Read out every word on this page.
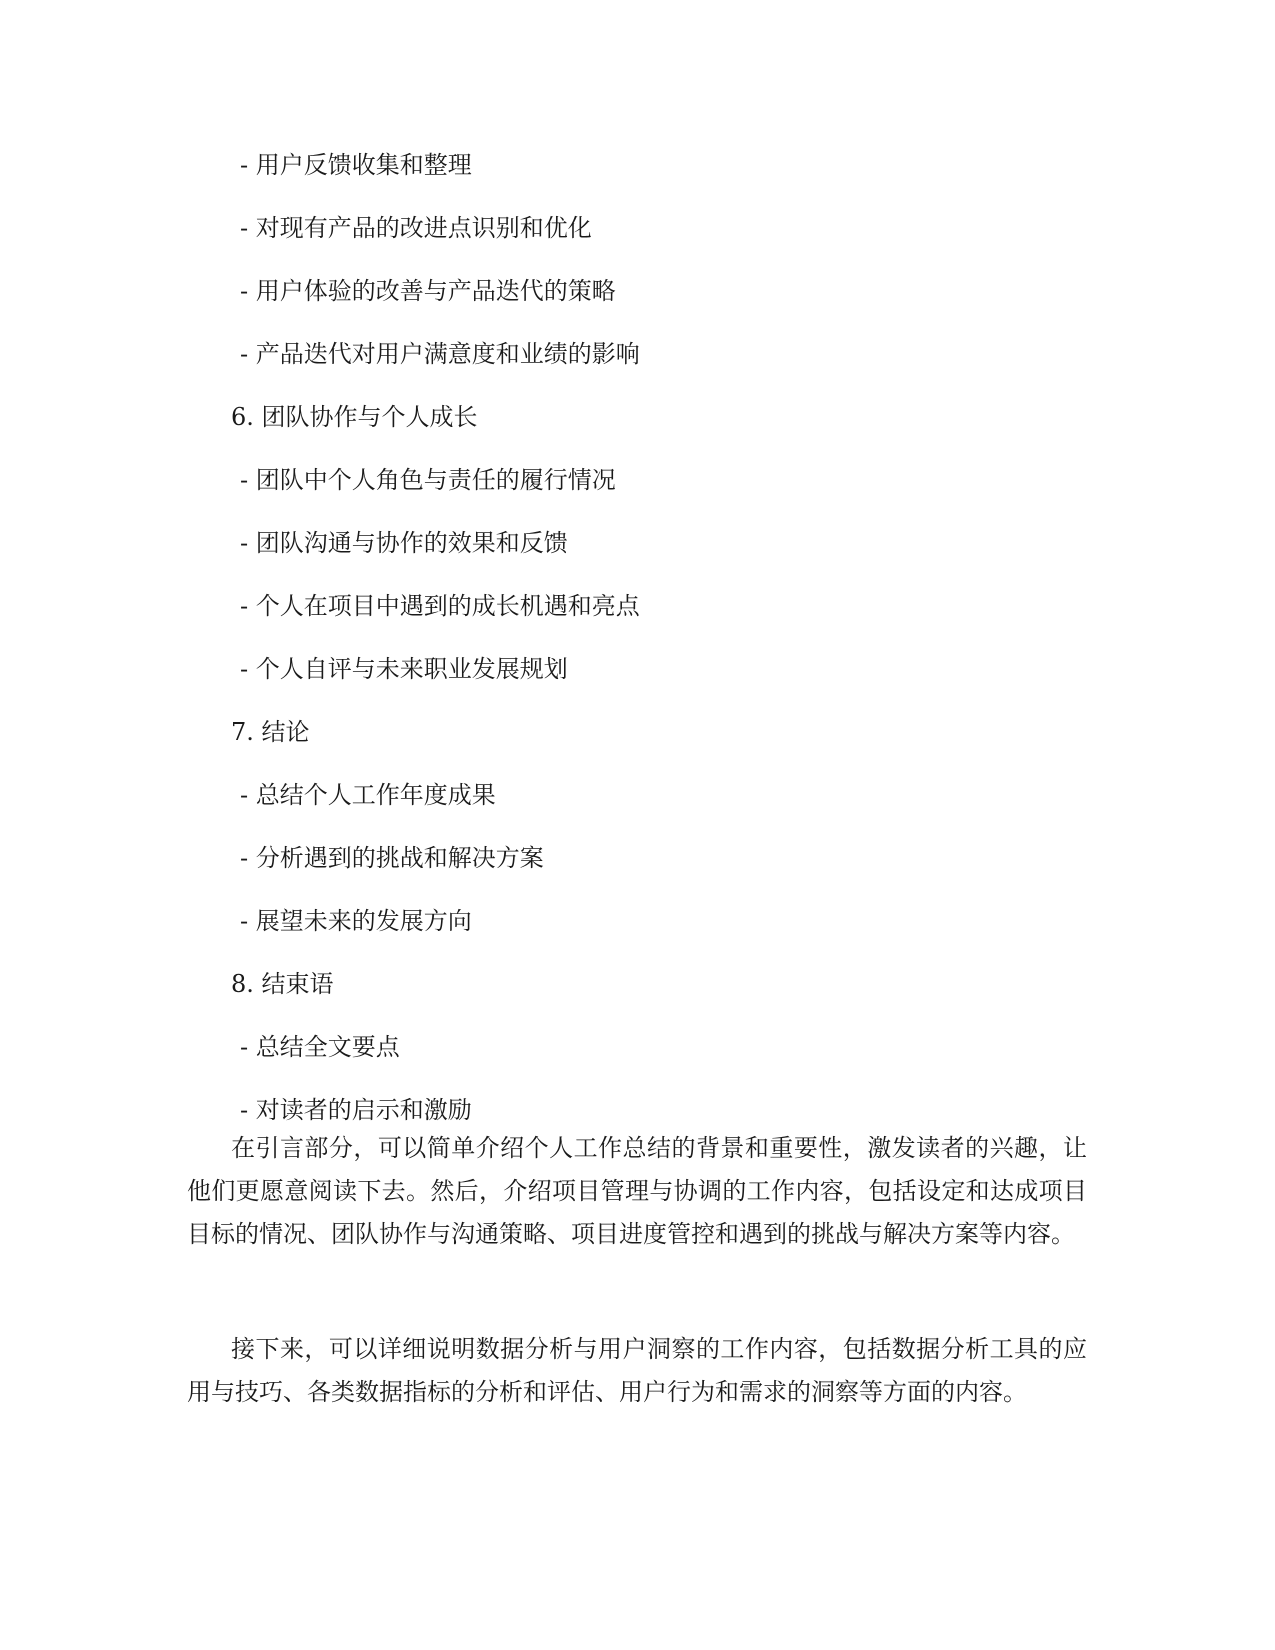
- 用户反馈收集和整理
- 对现有产品的改进点识别和优化
- 用户体验的改善与产品迭代的策略
- 产品迭代对用户满意度和业绩的影响
6. 团队协作与个人成长
- 团队中个人角色与责任的履行情况
- 团队沟通与协作的效果和反馈
- 个人在项目中遇到的成长机遇和亮点
- 个人自评与未来职业发展规划
7. 结论
- 总结个人工作年度成果
- 分析遇到的挑战和解决方案
- 展望未来的发展方向
8. 结束语
- 总结全文要点
- 对读者的启示和激励

在引言部分，可以简单介绍个人工作总结的背景和重要性，激发读者的兴趣，让他们更愿意阅读下去。然后，介绍项目管理与协调的工作内容，包括设定和达成项目目标的情况、团队协作与沟通策略、项目进度管控和遇到的挑战与解决方案等内容。

接下来，可以详细说明数据分析与用户洞察的工作内容，包括数据分析工具的应用与技巧、各类数据指标的分析和评估、用户行为和需求的洞察等方面的内容。
